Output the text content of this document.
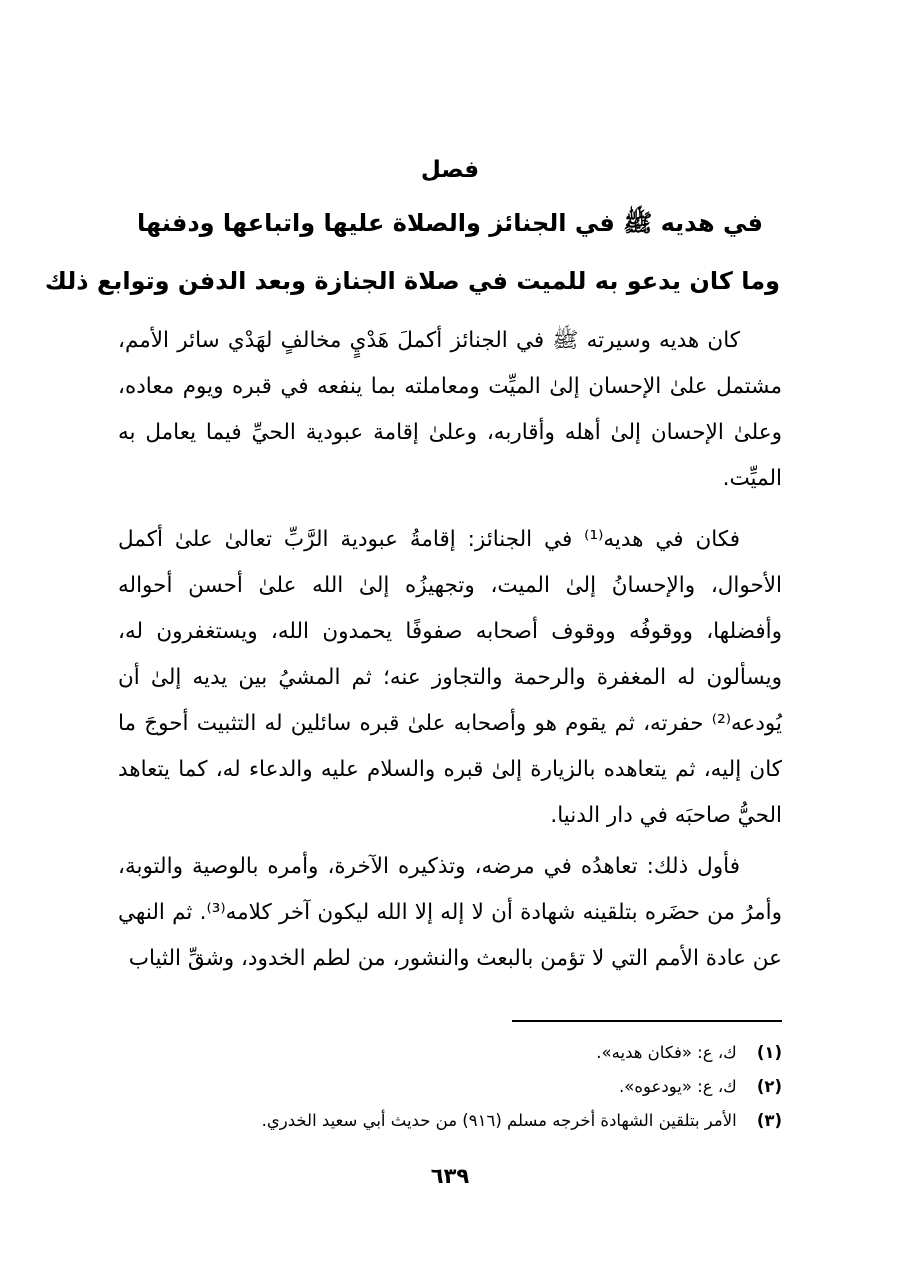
فصل
في هديه ﷺ في الجنائز والصلاة عليها واتباعها ودفنها
وما كان يدعو به للميت في صلاة الجنازة وبعد الدفن وتوابع ذلك

كان هديه وسيرته ﷺ في الجنائز أكملَ هَدْيٍ مخالفٍ لهَدْي سائر الأمم، مشتمل علىٰ الإحسان إلىٰ الميِّت ومعاملته بما ينفعه في قبره ويوم معاده، وعلىٰ الإحسان إلىٰ أهله وأقاربه، وعلىٰ إقامة عبودية الحيِّ فيما يعامل به الميِّت.

فكان في هديه⁽¹⁾ في الجنائز: إقامةُ عبودية الرَّبِّ تعالىٰ علىٰ أكمل الأحوال، والإحسانُ إلىٰ الميت، وتجهيزُه إلىٰ الله علىٰ أحسن أحواله وأفضلها، ووقوفُه ووقوف أصحابه صفوفًا يحمدون الله، ويستغفرون له، ويسألون له المغفرة والرحمة والتجاوز عنه؛ ثم المشيُ بين يديه إلىٰ أن يُودعه⁽²⁾ حفرته، ثم يقوم هو وأصحابه علىٰ قبره سائلين له التثبيت أحوجَ ما كان إليه، ثم يتعاهده بالزيارة إلىٰ قبره والسلام عليه والدعاء له، كما يتعاهد الحيُّ صاحبَه في دار الدنيا.

فأول ذلك: تعاهدُه في مرضه، وتذكيره الآخرة، وأمره بالوصية والتوبة، وأمرُ من حضَره بتلقينه شهادة أن لا إله إلا الله ليكون آخر كلامه⁽³⁾. ثم النهي عن عادة الأمم التي لا تؤمن بالبعث والنشور، من لطم الخدود، وشقِّ الثياب

(١) ك، ع: «فكان هديه».
(٢) ك، ع: «يودعوه».
(٣) الأمر بتلقين الشهادة أخرجه مسلم (٩١٦) من حديث أبي سعيد الخدري.
٦٣٩
